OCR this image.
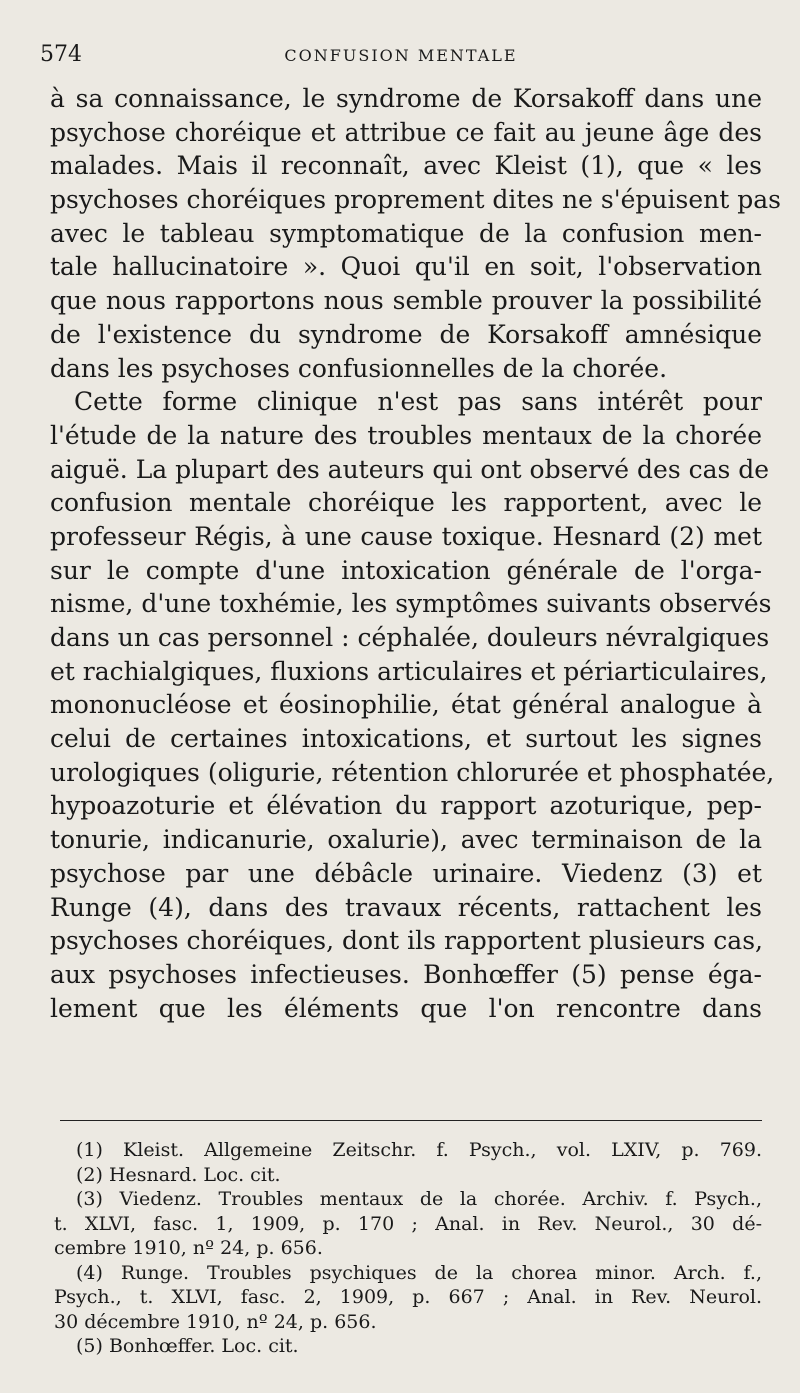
574	CONFUSION MENTALE
à sa connaissance, le syndrome de Korsakoff dans une
psychose choréique et attribue ce fait au jeune âge des
malades. Mais il reconnaît, avec Kleist (1), que « les
psychoses choréiques proprement dites ne s'épuisent pas
avec le tableau symptomatique de la confusion men-
tale hallucinatoire ». Quoi qu'il en soit, l'observation
que nous rapportons nous semble prouver la possibilité
de l'existence du syndrome de Korsakoff amnésique
dans les psychoses confusionnelles de la chorée.
Cette forme clinique n'est pas sans intérêt pour
l'étude de la nature des troubles mentaux de la chorée
aiguë. La plupart des auteurs qui ont observé des cas de
confusion mentale choréique les rapportent, avec le
professeur Régis, à une cause toxique. Hesnard (2) met
sur le compte d'une intoxication générale de l'orga-
nisme, d'une toxhémie, les symptômes suivants observés
dans un cas personnel : céphalée, douleurs névralgiques
et rachialgiques, fluxions articulaires et périarticulaires,
mononucléose et éosinophilie, état général analogue à
celui de certaines intoxications, et surtout les signes
urologiques (oligurie, rétention chlorurée et phosphatée,
hypoazoturie et élévation du rapport azoturique, pep-
tonurie, indicanurie, oxalurie), avec terminaison de la
psychose par une débâcle urinaire. Viedenz (3) et
Runge (4), dans des travaux récents, rattachent les
psychoses choréiques, dont ils rapportent plusieurs cas,
aux psychoses infectieuses. Bonhœffer (5) pense éga-
lement que les éléments que l'on rencontre dans
(1) Kleist. Allgemeine Zeitschr. f. Psych., vol. LXIV, p. 769.
(2) Hesnard. Loc. cit.
(3) Viedenz. Troubles mentaux de la chorée. Archiv. f. Psych.,
t. XLVI, fasc. 1, 1909, p. 170 ; Anal. in Rev. Neurol., 30 dé-
cembre 1910, nº 24, p. 656.
(4) Runge. Troubles psychiques de la chorea minor. Arch. f.,
Psych., t. XLVI, fasc. 2, 1909, p. 667 ; Anal. in Rev. Neurol.
30 décembre 1910, nº 24, p. 656.
(5) Bonhœffer. Loc. cit.
